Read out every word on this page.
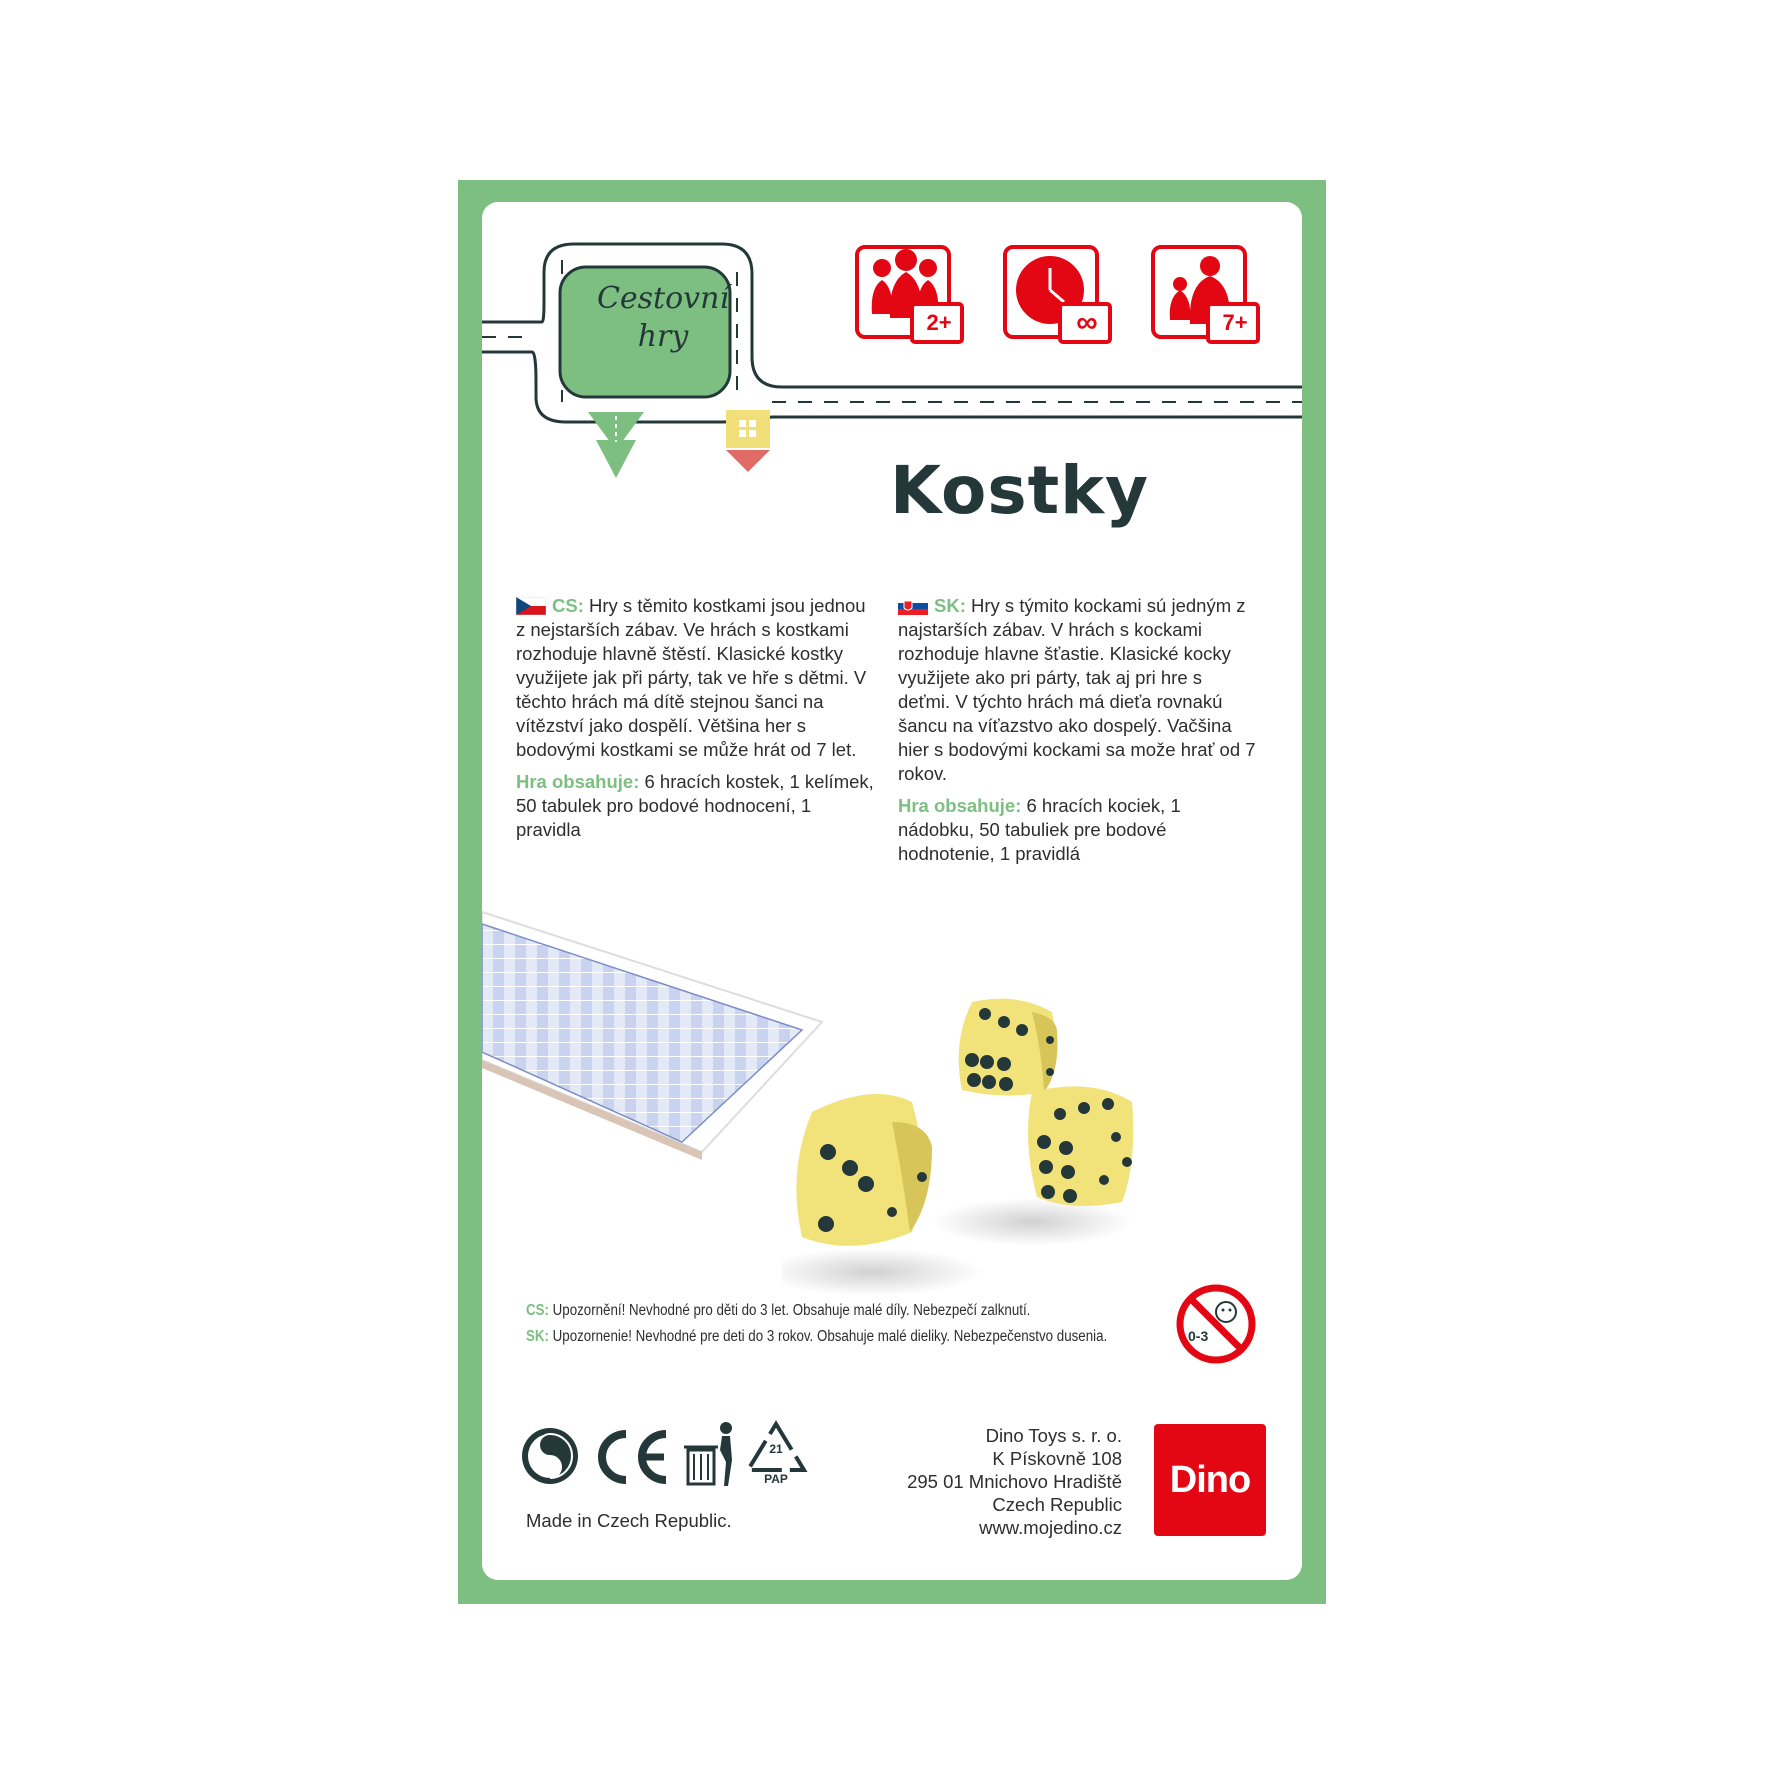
Cestovní
hry	2+	∞	7+
Kostky

CS: Hry s těmito kostkami jsou jednou z nejstarších zábav. Ve hrách s kostkami rozhoduje hlavně štěstí. Klasické kostky využijete jak při párty, tak ve hře s dětmi. V těchto hrách má dítě stejnou šanci na vítězství jako dospělí. Většina her s bodovými kostkami se může hrát od 7 let.

Hra obsahuje: 6 hracích kostek, 1 kelímek, 50 tabulek pro bodové hodnocení, 1 pravidla

SK: Hry s týmito kockami sú jedným z najstarších zábav. V hrách s kockami rozhoduje hlavne šťastie. Klasické kocky využijete ako pri párty, tak aj pri hre s deťmi. V týchto hrách má dieťa rovnakú šancu na víťazstvo ako dospelý. Vačšina hier s bodovými kockami sa može hrať od 7 rokov.

Hra obsahuje: 6 hracích kociek, 1 nádobku, 50 tabuliek pre bodové hodnotenie, 1 pravidlá

CS: Upozornění! Nevhodné pro děti do 3 let. Obsahuje malé díly. Nebezpečí zalknutí.
SK: Upozornenie! Nevhodné pre deti do 3 rokov. Obsahuje malé dieliky. Nebezpečenstvo dusenia.	0-3
21
PAP
Made in Czech Republic.
Dino Toys s. r. o.
K Pískovně 108
295 01 Mnichovo Hradiště
Czech Republic
www.mojedino.cz
Dino
